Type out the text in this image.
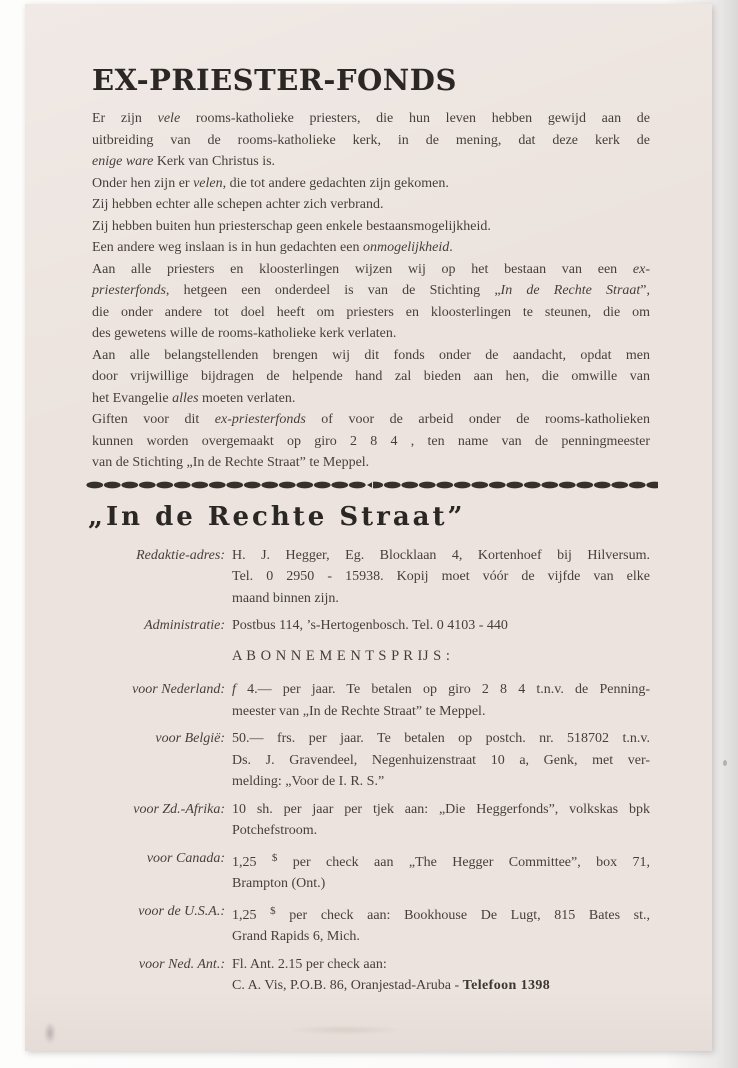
EX-PRIESTER-FONDS
Er zijn vele rooms-katholieke priesters, die hun leven hebben gewijd aan de
uitbreiding van de rooms-katholieke kerk, in de mening, dat deze kerk de
enige ware Kerk van Christus is.
Onder hen zijn er velen, die tot andere gedachten zijn gekomen.
Zij hebben echter alle schepen achter zich verbrand.
Zij hebben buiten hun priesterschap geen enkele bestaansmogelijkheid.
Een andere weg inslaan is in hun gedachten een onmogelijkheid.
Aan alle priesters en kloosterlingen wijzen wij op het bestaan van een ex-
priesterfonds, hetgeen een onderdeel is van de Stichting „In de Rechte Straat”,
die onder andere tot doel heeft om priesters en kloosterlingen te steunen, die om
des gewetens wille de rooms-katholieke kerk verlaten.
Aan alle belangstellenden brengen wij dit fonds onder de aandacht, opdat men
door vrijwillige bijdragen de helpende hand zal bieden aan hen, die omwille van
het Evangelie alles moeten verlaten.
Giften voor dit ex-priesterfonds of voor de arbeid onder de rooms-katholieken
kunnen worden overgemaakt op giro 2 8 4 , ten name van de penningmeester
van de Stichting „In de Rechte Straat” te Meppel.
„In de Rechte Straat”
Redaktie-adres: H. J. Hegger, Eg. Blocklaan 4, Kortenhoef bij Hilversum.
Tel. 0 2950 - 15938. Kopij moet vóór de vijfde van elke
maand binnen zijn.
Administratie: Postbus 114, ’s-Hertogenbosch. Tel. 0 4103 - 440
A B O N N E M E N T S P R IJ S :
voor Nederland: f 4.— per jaar. Te betalen op giro 2 8 4 t.n.v. de Penning-
meester van „In de Rechte Straat” te Meppel.
voor België: 50.— frs. per jaar. Te betalen op postch. nr. 518702 t.n.v.
Ds. J. Gravendeel, Negenhuizenstraat 10 a, Genk, met ver-
melding: „Voor de I. R. S.”
voor Zd.-Afrika: 10 sh. per jaar per tjek aan: „Die Heggerfonds”, volkskas bpk
Potchefstroom.
voor Canada: 1,25 $ per check aan „The Hegger Committee”, box 71,
Brampton (Ont.)
voor de U.S.A.: 1,25 $ per check aan: Bookhouse De Lugt, 815 Bates st.,
Grand Rapids 6, Mich.
voor Ned. Ant.: Fl. Ant. 2.15 per check aan:
C. A. Vis, P.O.B. 86, Oranjestad-Aruba - Telefoon 1398
